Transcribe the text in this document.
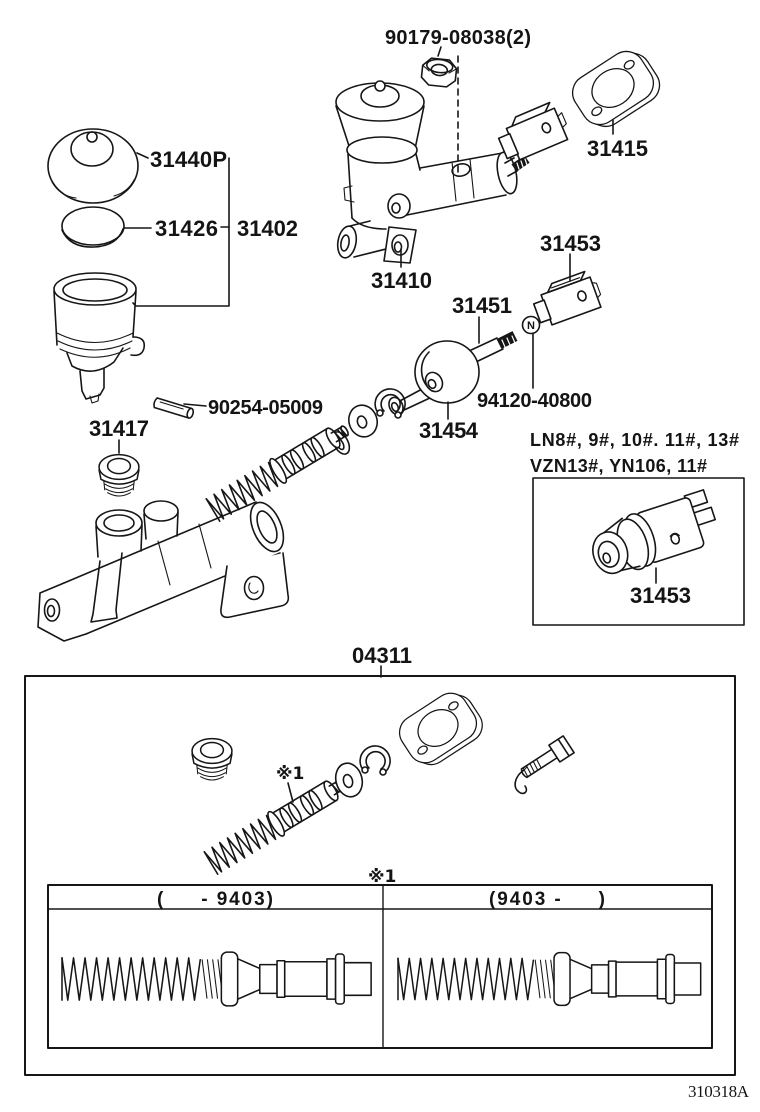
N
90179-08038(2)
31415
31440P
31426 31402
31410
31453
31451
94120-40800
31454
90254-05009
31417
04311
31453
LN8#, 9#, 10#. 11#, 13#
VZN13#, YN106, 11#
※1
※1
(     - 9403)	(9403 -     )
310318A
